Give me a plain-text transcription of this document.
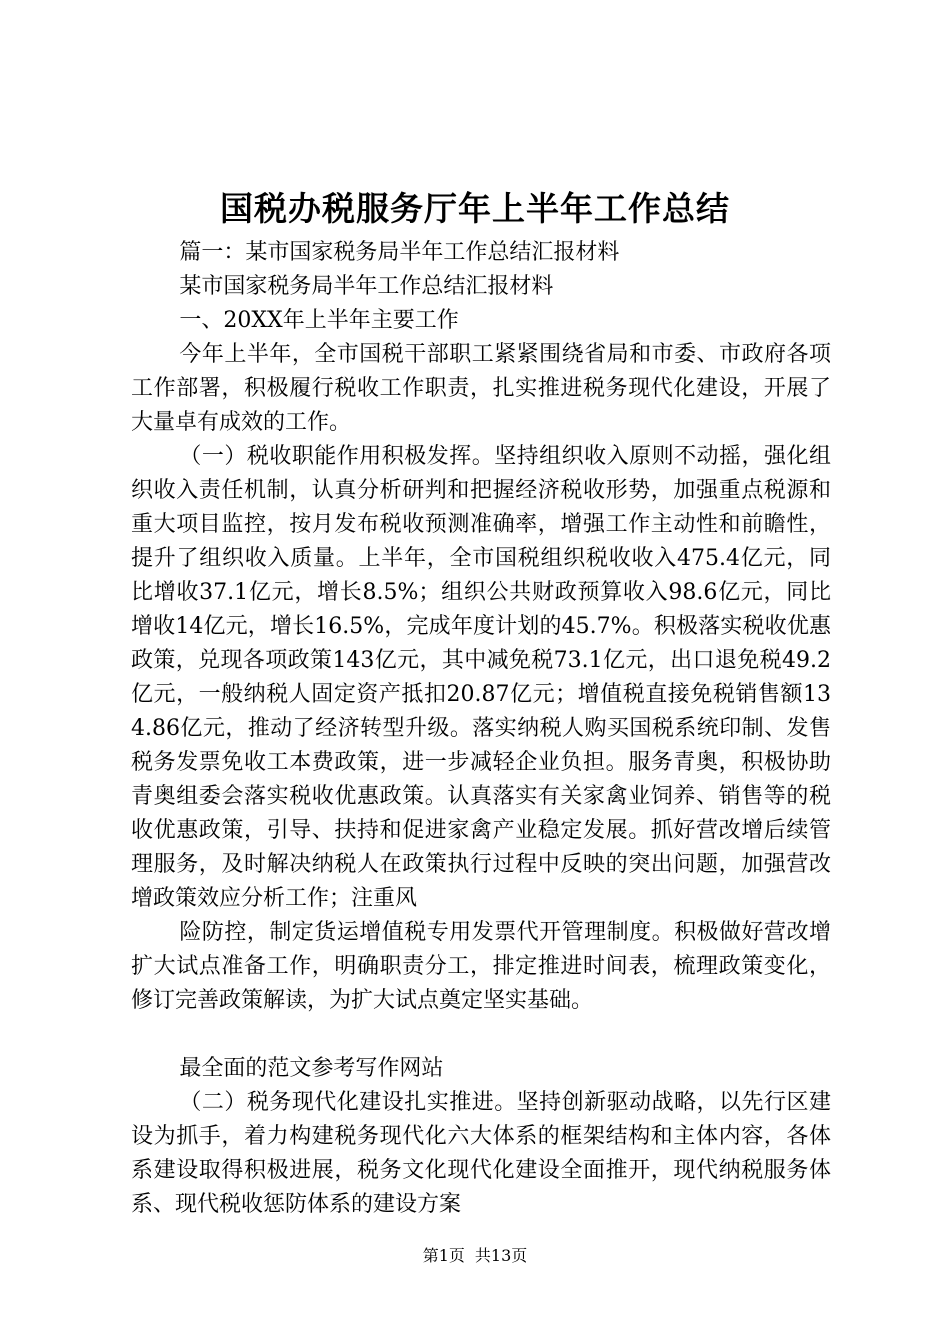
国税办税服务厅年上半年工作总结

篇一：某市国家税务局半年工作总结汇报材料

某市国家税务局半年工作总结汇报材料

一、20XX年上半年主要工作

今年上半年，全市国税干部职工紧紧围绕省局和市委、市政府各项工作部署，积极履行税收工作职责，扎实推进税务现代化建设，开展了大量卓有成效的工作。

（一）税收职能作用积极发挥。坚持组织收入原则不动摇，强化组织收入责任机制，认真分析研判和把握经济税收形势，加强重点税源和重大项目监控，按月发布税收预测准确率，增强工作主动性和前瞻性，提升了组织收入质量。上半年，全市国税组织税收收入475.4亿元，同比增收37.1亿元，增长8.5%；组织公共财政预算收入98.6亿元，同比增收14亿元，增长16.5%，完成年度计划的45.7%。积极落实税收优惠政策，兑现各项政策143亿元，其中减免税73.1亿元，出口退免税49.2亿元，一般纳税人固定资产抵扣20.87亿元；增值税直接免税销售额134.86亿元，推动了经济转型升级。落实纳税人购买国税系统印制、发售税务发票免收工本费政策，进一步减轻企业负担。服务青奥，积极协助青奥组委会落实税收优惠政策。认真落实有关家禽业饲养、销售等的税收优惠政策，引导、扶持和促进家禽产业稳定发展。抓好营改增后续管理服务，及时解决纳税人在政策执行过程中反映的突出问题，加强营改增政策效应分析工作；注重风

险防控，制定货运增值税专用发票代开管理制度。积极做好营改增扩大试点准备工作，明确职责分工，排定推进时间表，梳理政策变化，修订完善政策解读，为扩大试点奠定坚实基础。

最全面的范文参考写作网站

（二）税务现代化建设扎实推进。坚持创新驱动战略，以先行区建设为抓手，着力构建税务现代化六大体系的框架结构和主体内容，各体系建设取得积极进展，税务文化现代化建设全面推开，现代纳税服务体系、现代税收惩防体系的建设方案

第1页 共13页
